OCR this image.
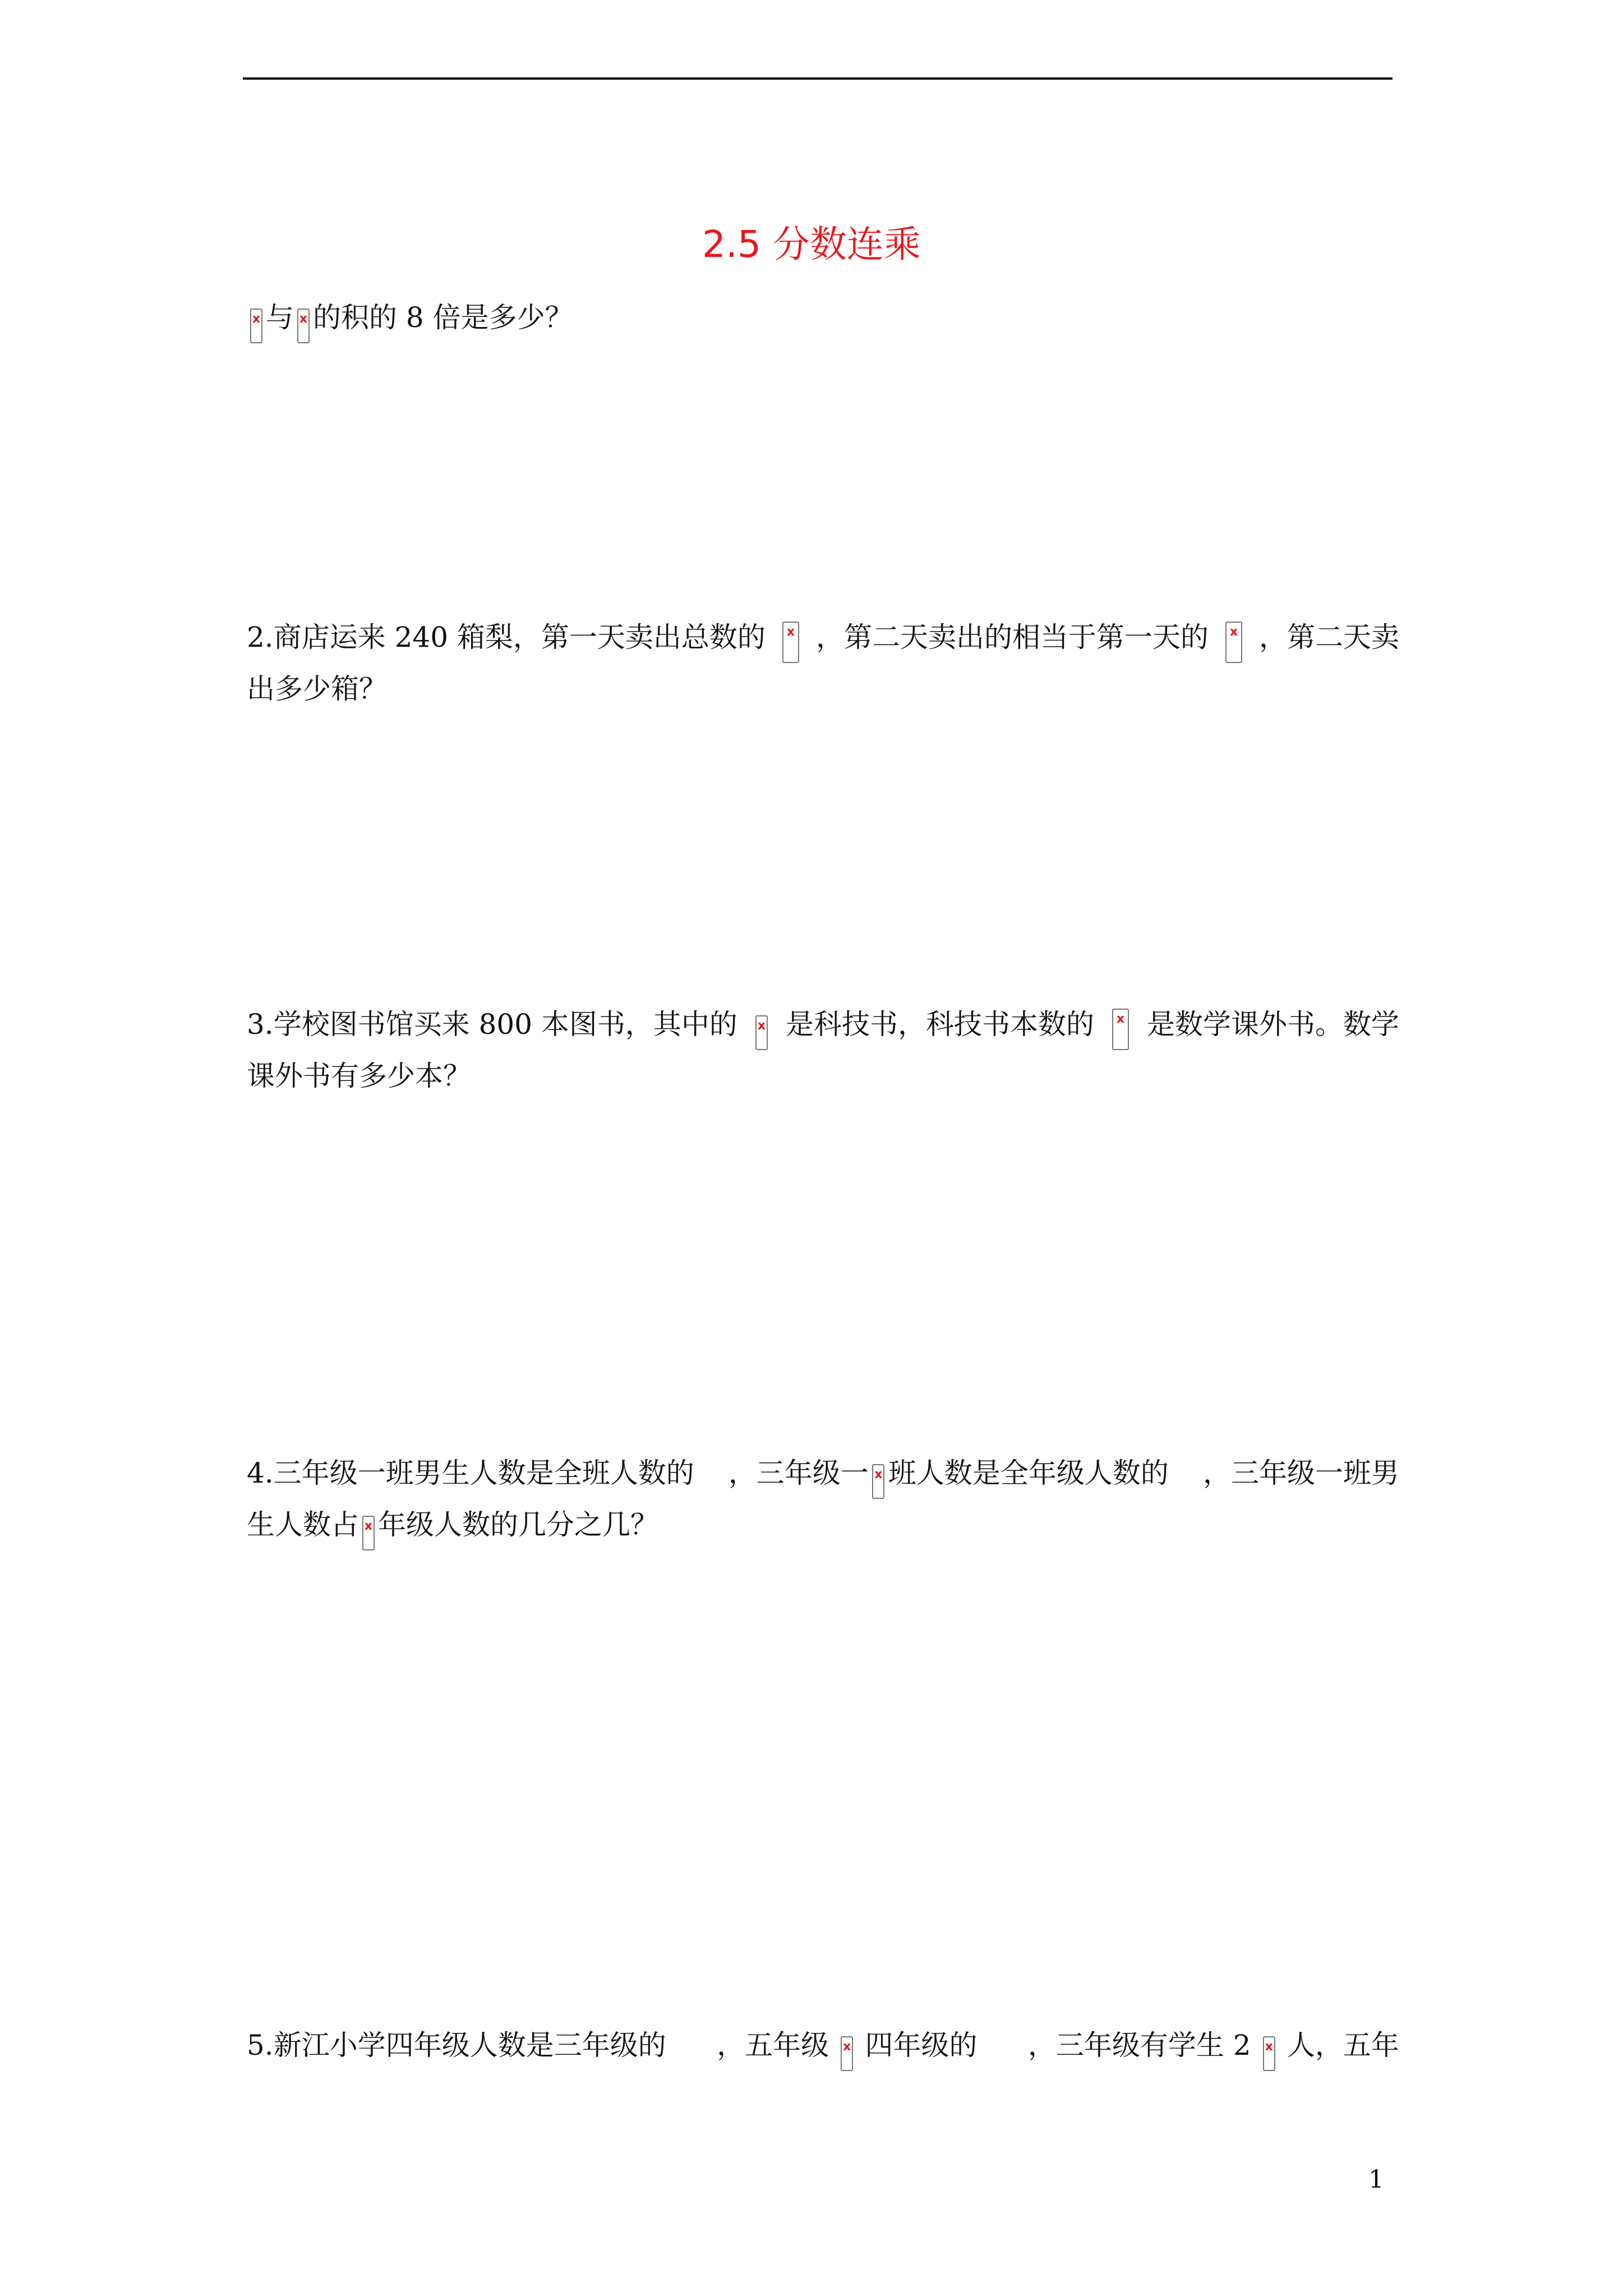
2.5 分数连乘
x
与 x 的积的 8 倍是多少？
2.商店运来 240 箱梨，第一天卖出总数的 x ，第二天卖出的相当于第一天的 x ，第二天卖
出多少箱？
3.学校图书馆买来 800 本图书，其中的 x 是科技书，科技书本数的 x 是数学课外书。数学
课外书有多少本？
4.三年级一班男生人数是全班人数的 ，三年级一 x 班人数是全年级人数的 ，三年级一班男
生人数占 x 年级人数的几分之几？
5.新江小学四年级人数是三年级的 ，五年级 x 四年级的 ，三年级有学生 2 x 人，五年
1
